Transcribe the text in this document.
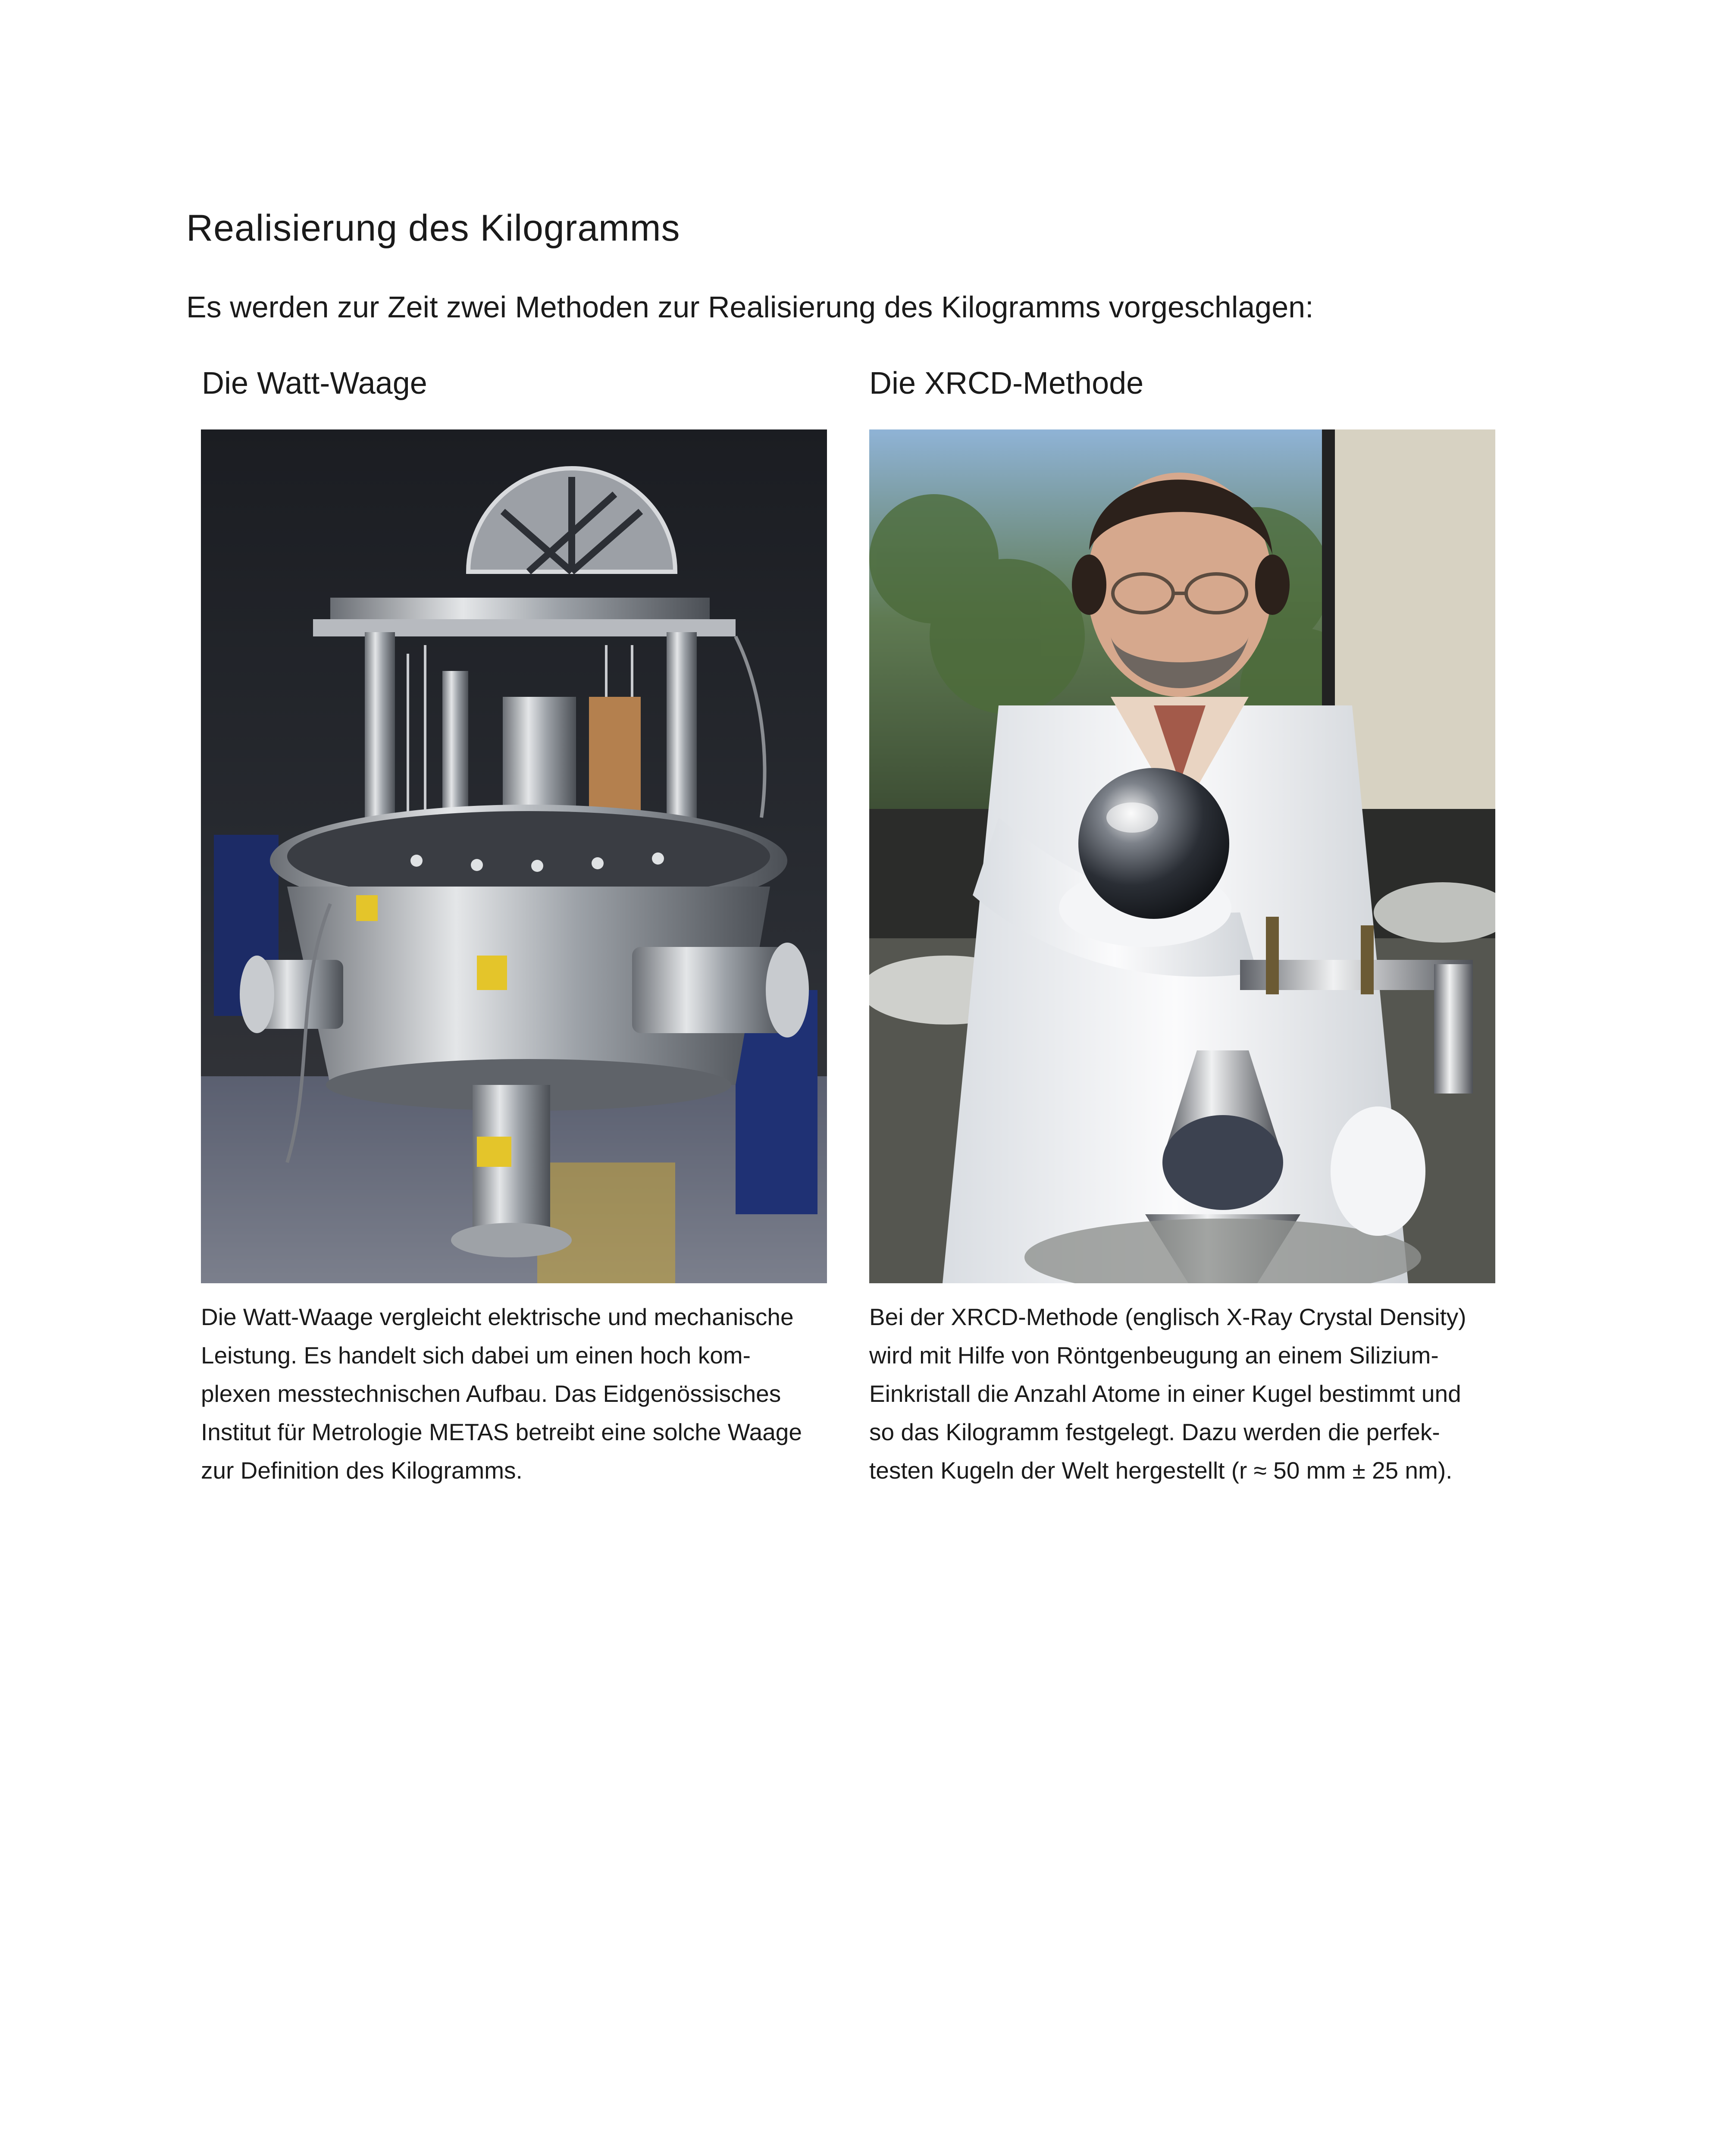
Realisierung des Kilogramms
Es werden zur Zeit zwei Methoden zur Realisierung des Kilogramms vorgeschlagen:
Die Watt-Waage	Die XRCD-Methode
Die Watt-Waage vergleicht elektrische und mechanische
Leistung. Es handelt sich dabei um einen hoch kom-
plexen messtechnischen Aufbau. Das Eidgenössisches
Institut für Metrologie METAS betreibt eine solche Waage
zur Definition des Kilogramms.
Bei der XRCD-Methode (englisch X-Ray Crystal Density)
wird mit Hilfe von Röntgenbeugung an einem Silizium-
Einkristall die Anzahl Atome in einer Kugel bestimmt und
so das Kilogramm festgelegt. Dazu werden die perfek-
testen Kugeln der Welt hergestellt (r ≈ 50 mm ± 25 nm).
